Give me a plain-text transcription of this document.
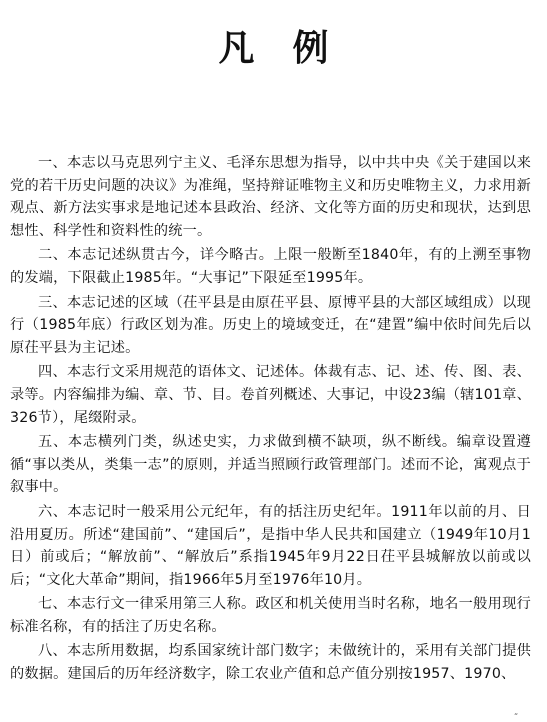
凡例

一、本志以马克思列宁主义、毛泽东思想为指导，以中共中央《关于建国以来党的若干历史问题的决议》为准绳，坚持辩证唯物主义和历史唯物主义，力求用新观点、新方法实事求是地记述本县政治、经济、文化等方面的历史和现状，达到思想性、科学性和资料性的统一。

二、本志记述纵贯古今，详今略古。上限一般断至1840年，有的上溯至事物的发端，下限截止1985年。“大事记”下限延至1995年。

三、本志记述的区域（茌平县是由原茌平县、原博平县的大部区域组成）以现行（1985年底）行政区划为准。历史上的境域变迁，在“建置”编中依时间先后以原茌平县为主记述。

四、本志行文采用规范的语体文、记述体。体裁有志、记、述、传、图、表、录等。内容编排为编、章、节、目。卷首列概述、大事记，中设23编（辖101章、326节），尾缀附录。

五、本志横列门类，纵述史实，力求做到横不缺项，纵不断线。编章设置遵循“事以类从，类集一志”的原则，并适当照顾行政管理部门。述而不论，寓观点于叙事中。

六、本志记时一般采用公元纪年，有的括注历史纪年。1911年以前的月、日沿用夏历。所述“建国前”、“建国后”，是指中华人民共和国建立（1949年10月1日）前或后；“解放前”、“解放后”系指1945年9月22日茌平县城解放以前或以后；“文化大革命”期间，指1966年5月至1976年10月。

七、本志行文一律采用第三人称。政区和机关使用当时名称，地名一般用现行标准名称，有的括注了历史名称。

八、本志所用数据，均系国家统计部门数字；未做统计的，采用有关部门提供的数据。建国后的历年经济数字，除工农业产值和总产值分别按1957、1970、

“
